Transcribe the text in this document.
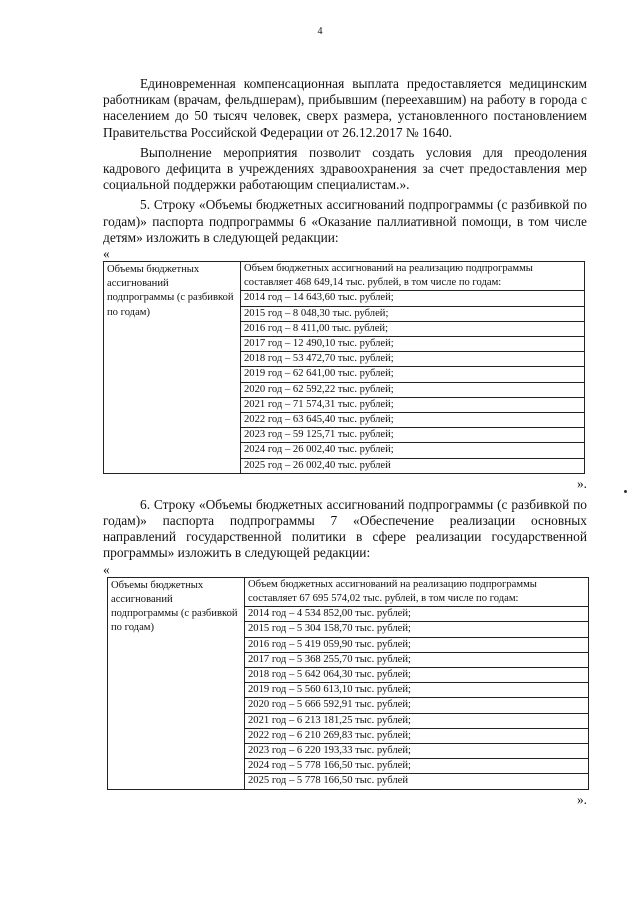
4

Единовременная компенсационная выплата предоставляется медицинским работникам (врачам, фельдшерам), прибывшим (переехавшим) на работу в города с населением до 50 тысяч человек, сверх размера, установленного постановлением Правительства Российской Федерации от 26.12.2017 № 1640.

Выполнение мероприятия позволит создать условия для преодоления кадрового дефицита в учреждениях здравоохранения за счет предоставления мер социальной поддержки работающим специалистам.».

5. Строку «Объемы бюджетных ассигнований подпрограммы (с разбивкой по годам)» паспорта подпрограммы 6 «Оказание паллиативной помощи, в том числе детям» изложить в следующей редакции:

«

Объемы бюджетных ассигнований подпрограммы (с разбивкой по годам)	
Объем бюджетных ассигнований на реализацию подпрограммы составляет 468 649,14 тыс. рублей, в том числе по годам:
2014 год – 14 643,60 тыс. рублей;
2015 год – 8 048,30 тыс. рублей;
2016 год – 8 411,00 тыс. рублей;
2017 год – 12 490,10 тыс. рублей;
2018 год – 53 472,70 тыс. рублей;
2019 год – 62 641,00 тыс. рублей;
2020 год – 62 592,22 тыс. рублей;
2021 год – 71 574,31 тыс. рублей;
2022 год – 63 645,40 тыс. рублей;
2023 год – 59 125,71 тыс. рублей;
2024 год – 26 002,40 тыс. рублей;
2025 год – 26 002,40 тыс. рублей

».

6. Строку «Объемы бюджетных ассигнований подпрограммы (с разбивкой по годам)» паспорта подпрограммы 7 «Обеспечение реализации основных направлений государственной политики в сфере реализации государственной программы» изложить в следующей редакции:

«

Объемы бюджетных ассигнований подпрограммы (с разбивкой по годам)	
Объем бюджетных ассигнований на реализацию подпрограммы составляет 67 695 574,02 тыс. рублей, в том числе по годам:
2014 год – 4 534 852,00 тыс. рублей;
2015 год – 5 304 158,70 тыс. рублей;
2016 год – 5 419 059,90 тыс. рублей;
2017 год – 5 368 255,70 тыс. рублей;
2018 год – 5 642 064,30 тыс. рублей;
2019 год – 5 560 613,10 тыс. рублей;
2020 год – 5 666 592,91 тыс. рублей;
2021 год – 6 213 181,25 тыс. рублей;
2022 год – 6 210 269,83 тыс. рублей;
2023 год – 6 220 193,33 тыс. рублей;
2024 год – 5 778 166,50 тыс. рублей;
2025 год – 5 778 166,50 тыс. рублей

».
